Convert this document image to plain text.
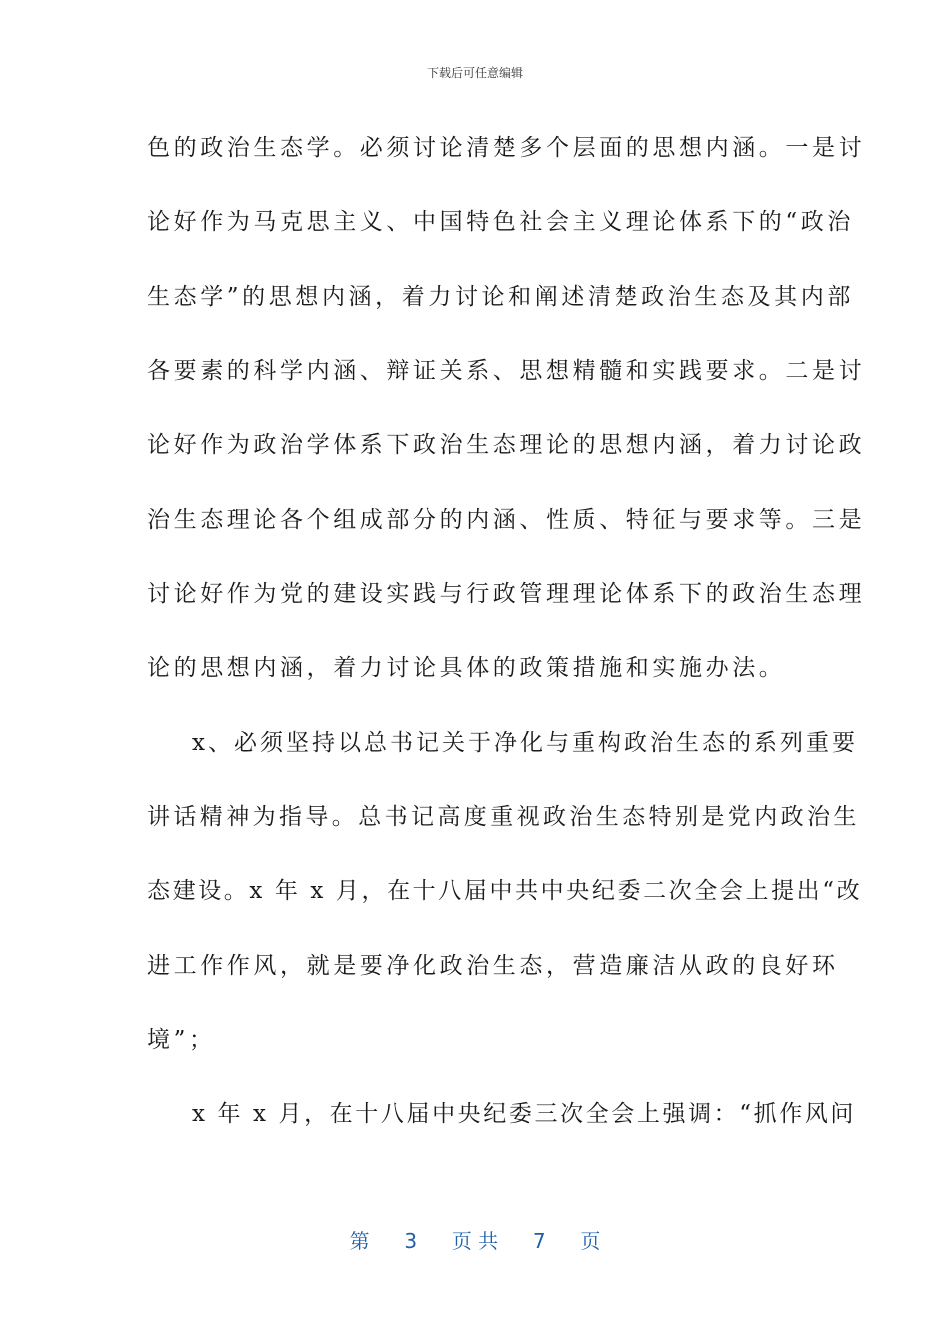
下载后可任意编辑
色的政治生态学。必须讨论清楚多个层面的思想内涵。一是讨
论好作为马克思主义、中国特色社会主义理论体系下的“政治
生态学”的思想内涵，着力讨论和阐述清楚政治生态及其内部
各要素的科学内涵、辩证关系、思想精髓和实践要求。二是讨
论好作为政治学体系下政治生态理论的思想内涵，着力讨论政
治生态理论各个组成部分的内涵、性质、特征与要求等。三是
讨论好作为党的建设实践与行政管理理论体系下的政治生态理
论的思想内涵，着力讨论具体的政策措施和实施办法。
x、必须坚持以总书记关于净化与重构政治生态的系列重要
讲话精神为指导。总书记高度重视政治生态特别是党内政治生
态建设。x 年 x 月，在十八届中共中央纪委二次全会上提出“改
进工作作风，就是要净化政治生态，营造廉洁从政的良好环
境”；
x 年 x 月，在十八届中央纪委三次全会上强调：“抓作风问
第 3 页 共 7 页
